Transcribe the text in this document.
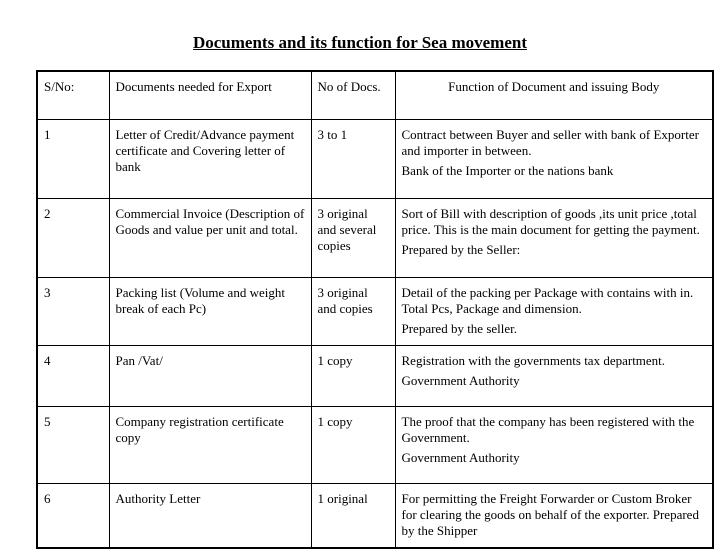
Documents and its function for Sea movement
S/No:	Documents needed for Export	No of Docs.	Function of Document and issuing Body
1	Letter of Credit/Advance payment certificate and Covering letter of bank	3 to 1	Contract between Buyer and seller with bank of Exporter and importer in between.

Bank of the Importer or the nations bank

2	Commercial Invoice (Description of Goods and value per unit and total.	3 original and several copies	Sort of Bill with description of goods ,its unit price ,total price. This is the main document for getting the payment.

Prepared by the Seller:

3	Packing list (Volume and weight break of each Pc)	3 original and copies	Detail of the packing per Package with contains with in. Total Pcs, Package and dimension.

Prepared by the seller.

4	Pan /Vat/	1 copy	Registration with the governments tax department.

Government Authority

5	Company registration certificate copy	1 copy	The proof that the company has been registered with the Government.

Government Authority

6	Authority Letter	1 original	For permitting the Freight Forwarder or Custom Broker for clearing the goods on behalf of the exporter. Prepared by the Shipper
